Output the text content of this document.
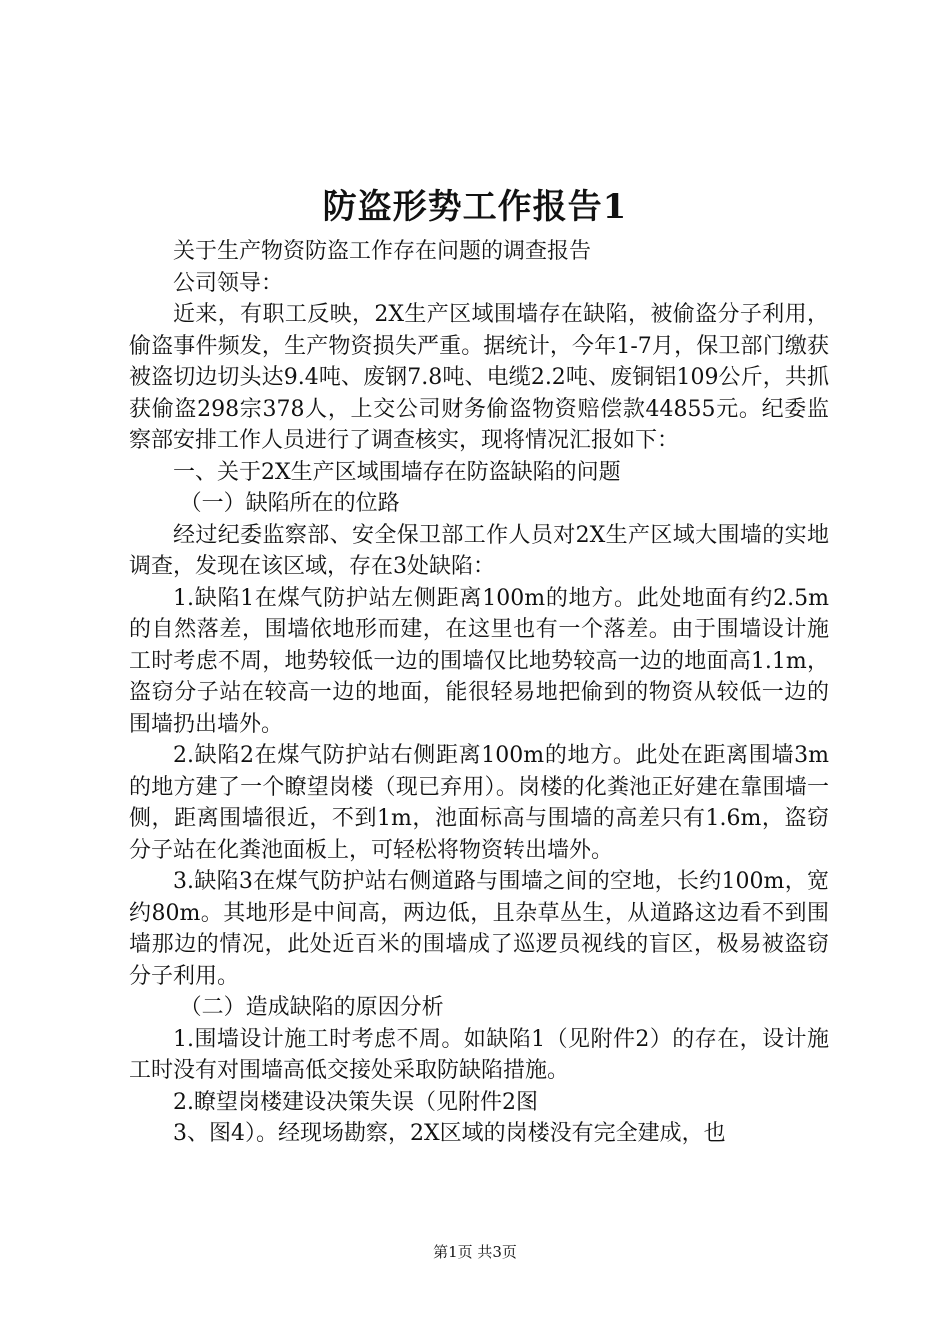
防盗形势工作报告1

关于生产物资防盗工作存在问题的调查报告

公司领导：

近来，有职工反映，2X生产区域围墙存在缺陷，被偷盗分子利用，偷盗事件频发，生产物资损失严重。据统计，今年1-7月，保卫部门缴获被盗切边切头达9.4吨、废钢7.8吨、电缆2.2吨、废铜铝109公斤，共抓获偷盗298宗378人，上交公司财务偷盗物资赔偿款44855元。纪委监察部安排工作人员进行了调查核实，现将情况汇报如下：

一、关于2X生产区域围墙存在防盗缺陷的问题

（一）缺陷所在的位路

经过纪委监察部、安全保卫部工作人员对2X生产区域大围墙的实地调查，发现在该区域，存在3处缺陷：

1.缺陷1在煤气防护站左侧距离100m的地方。此处地面有约2.5m的自然落差，围墙依地形而建，在这里也有一个落差。由于围墙设计施工时考虑不周，地势较低一边的围墙仅比地势较高一边的地面高1.1m，盗窃分子站在较高一边的地面，能很轻易地把偷到的物资从较低一边的围墙扔出墙外。

2.缺陷2在煤气防护站右侧距离100m的地方。此处在距离围墙3m的地方建了一个瞭望岗楼（现已弃用）。岗楼的化粪池正好建在靠围墙一侧，距离围墙很近，不到1m，池面标高与围墙的高差只有1.6m，盗窃分子站在化粪池面板上，可轻松将物资转出墙外。

3.缺陷3在煤气防护站右侧道路与围墙之间的空地，长约100m，宽约80m。其地形是中间高，两边低，且杂草丛生，从道路这边看不到围墙那边的情况，此处近百米的围墙成了巡逻员视线的盲区，极易被盗窃分子利用。

（二）造成缺陷的原因分析

1.围墙设计施工时考虑不周。如缺陷1（见附件2）的存在，设计施工时没有对围墙高低交接处采取防缺陷措施。

2.瞭望岗楼建设决策失误（见附件2图

3、图4）。经现场勘察，2X区域的岗楼没有完全建成，也

第1页 共3页
